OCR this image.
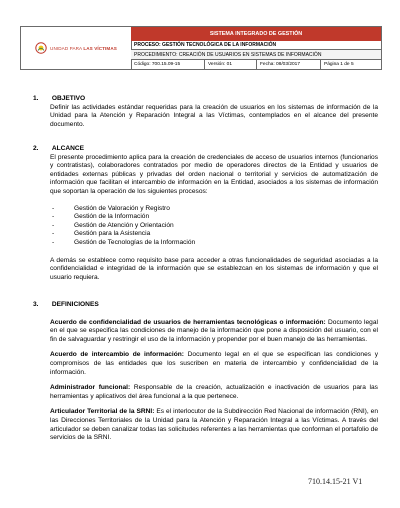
UNIDAD PARA LAS VÍCTIMAS
SISTEMA INTEGRADO DE GESTIÓN
PROCESO: GESTIÓN TECNOLÓGICA DE LA INFORMACIÓN
PROCEDIMIENTO: CREACIÓN DE USUARIOS EN SISTEMAS DE INFORMACIÓN
Código: 700.15.09-15	Versión: 01	Fecha: 08/03/2017	Página 1 de 5
1. OBJETIVO
Definir las actividades estándar requeridas para la creación de usuarios en los sistemas de información de la Unidad para la Atención y Reparación Integral a las Víctimas, contemplados en el alcance del presente documento.
2. ALCANCE
El presente procedimiento aplica para la creación de credenciales de acceso de usuarios internos (funcionarios y contratistas), colaboradores contratados por medio de operadores directos de la Entidad y usuarios de entidades externas públicas y privadas del orden nacional o territorial y servicios de automatización de información que facilitan el intercambio de información en la Entidad, asociados a los sistemas de información que soportan la operación de los siguientes procesos:
- Gestión de Valoración y Registro
- Gestión de la Información
- Gestión de Atención y Orientación
- Gestión para la Asistencia
- Gestión de Tecnologías de la Información
A demás se establece como requisito base para acceder a otras funcionalidades de seguridad asociadas a la confidencialidad e integridad de la información que se establezcan en los sistemas de información y que el usuario requiera.
3. DEFINICIONES
Acuerdo de confidencialidad de usuarios de herramientas tecnológicas o información: Documento legal en el que se especifica las condiciones de manejo de la información que pone a disposición del usuario, con el fin de salvaguardar y restringir el uso de la información y propender por el buen manejo de las herramientas.
Acuerdo de intercambio de información: Documento legal en el que se especifican las condiciones y compromisos de las entidades que los suscriben en materia de intercambio y confidencialidad de la información.
Administrador funcional: Responsable de la creación, actualización e inactivación de usuarios para las herramientas y aplicativos del área funcional a la que pertenece.
Articulador Territorial de la SRNI: Es el interlocutor de la Subdirección Red Nacional de información (RNI), en las Direcciones Territoriales de la Unidad para la Atención y Reparación Integral a las Víctimas. A través del articulador se deben canalizar todas las solicitudes referentes a las herramientas que conforman el portafolio de servicios de la SRNI.
710.14.15-21 V1
